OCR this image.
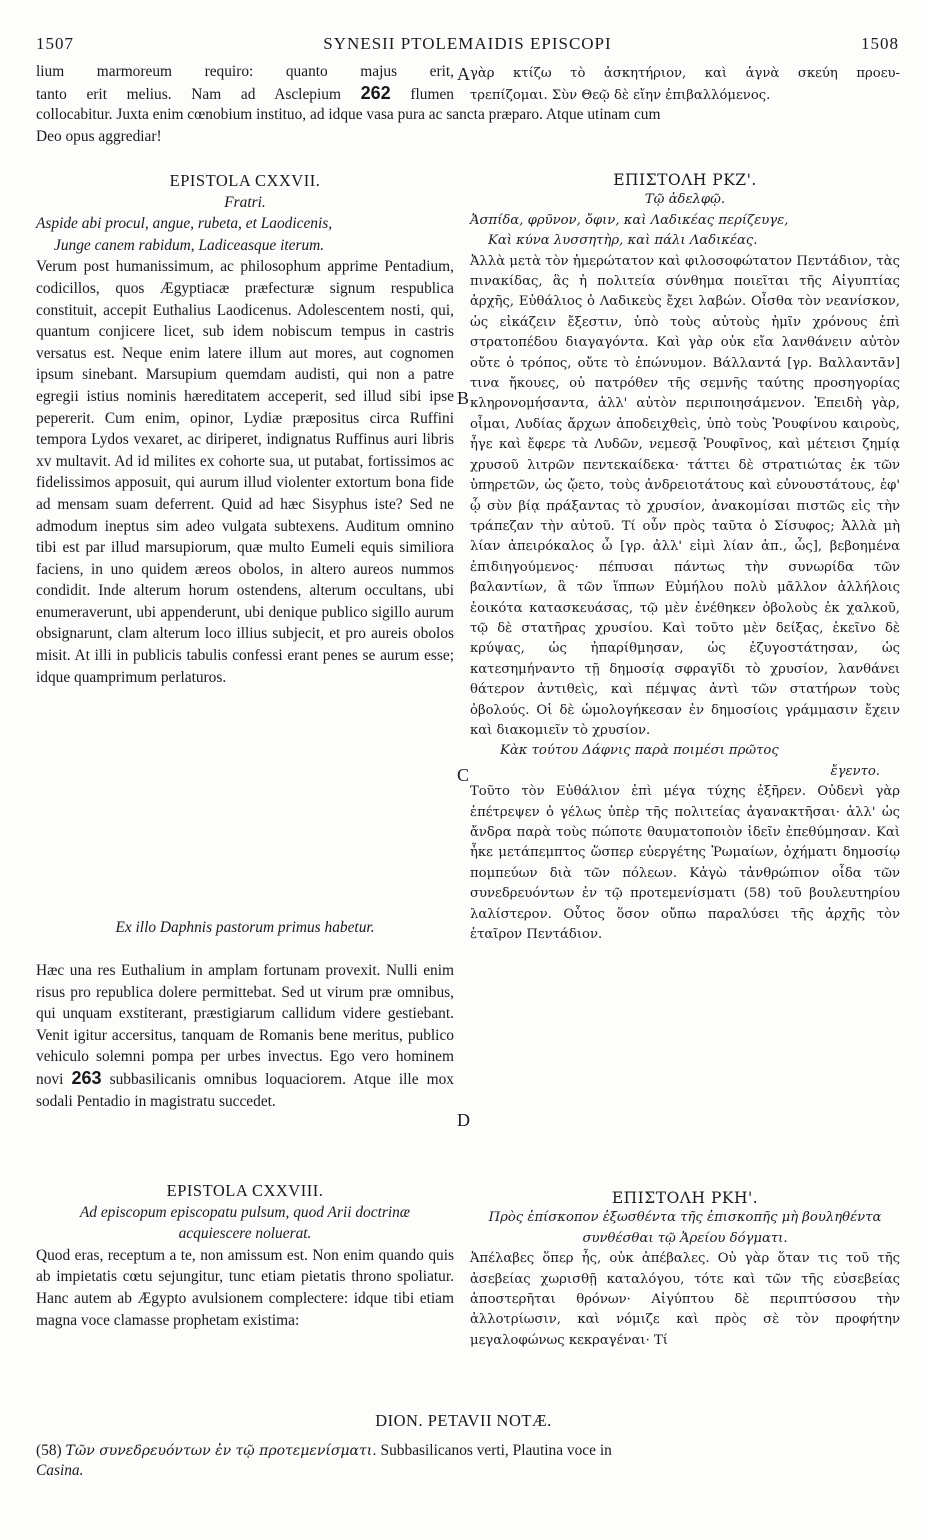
1507	SYNESII PTOLEMAIDIS EPISCOPI	1508

lium marmoreum requiro: quanto majus erit,

tanto erit melius. Nam ad Asclepium 262 flumen

A γὰρ κτίζω τὸ ἀσκητήριον, καὶ ἁγνὰ σκεύη προευ-

τρεπίζομαι. Σὺν Θεῷ δὲ εἴην ἐπιβαλλόμενος.

collocabitur. Juxta enim cœnobium instituo, ad idque vasa pura ac sancta præparo. Atque utinam cum
Deo opus aggrediar!

EPISTOLA CXXVII.

Fratri.

Aspide abi procul, angue, rubeta, et Laodicenis,

Junge canem rabidum, Ladiceasque iterum.

Verum post humanissimum, ac philosophum apprime Pentadium, codicillos, quos Ægyptiacæ præfecturæ signum respublica constituit, accepit Euthalius Laodicenus. Adolescentem nosti, qui, quantum conjicere licet, sub idem nobiscum tempus in castris versatus est. Neque enim latere illum aut mores, aut cognomen ipsum sinebant. Marsupium quemdam audisti, qui non a patre egregii istius nominis hæreditatem acceperit, sed illud sibi ipse pepererit. Cum enim, opinor, Lydiæ præpositus circa Ruffini tempora Lydos vexaret, ac diriperet, indignatus Ruffinus auri libris xv multavit. Ad id milites ex cohorte sua, ut putabat, fortissimos ac fidelissimos apposuit, qui aurum illud violenter extortum bona fide ad mensam suam deferrent. Quid ad hæc Sisyphus iste? Sed ne admodum ineptus sim adeo vulgata subtexens. Auditum omnino tibi est par illud marsupiorum, quæ multo Eumeli equis similiora faciens, in uno quidem æreos obolos, in altero aureos nummos condidit. Inde alterum horum ostendens, alterum occultans, ubi enumeraverunt, ubi appenderunt, ubi denique publico sigillo aurum obsignarunt, clam alterum loco illius subjecit, et pro aureis obolos misit. At illi in publicis tabulis confessi erant penes se aurum esse; idque quamprimum perlaturos.

Ex illo Daphnis pastorum primus habetur.

Hæc una res Euthalium in amplam fortunam provexit. Nulli enim risus pro republica dolere permittebat. Sed ut virum præ omnibus, qui unquam exstiterant, præstigiarum callidum videre gestiebant. Venit igitur accersitus, tanquam de Romanis bene meritus, publico vehiculo solemni pompa per urbes invectus. Ego vero hominem novi 263 subbasilicanis omnibus loquaciorem. Atque ille mox sodali Pentadio in magistratu succedet.

EPISTOLA CXXVIII.

Ad episcopum episcopatu pulsum, quod Arii doctrinæ acquiescere noluerat.

Quod eras, receptum a te, non amissum est. Non enim quando quis ab impietatis cœtu sejungitur, tunc etiam pietatis throno spoliatur. Hanc autem ab Ægypto avulsionem complectere: idque tibi etiam magna voce clamasse prophetam existima:

B
C
D

ΕΠΙΣΤΟΛΗ ΡΚΖ'.

Τῷ ἀδελφῷ.

Ἀσπίδα, φρῦνον, ὄφιν, καὶ Λαδικέας περίζευγε,

Καὶ κύνα λυσσητὴρ, καὶ πάλι Λαδικέας.

Ἀλλὰ μετὰ τὸν ἡμερώτατον καὶ φιλοσοφώτατον Πεντάδιον, τὰς πινακίδας, ἃς ἡ πολιτεία σύνθημα ποιεῖται τῆς Αἰγυπτίας ἀρχῆς, Εὐθάλιος ὁ Λαδικεὺς ἔχει λαβών. Οἶσθα τὸν νεανίσκον, ὡς εἰκάζειν ἔξεστιν, ὑπὸ τοὺς αὐτοὺς ἡμῖν χρόνους ἐπὶ στρατοπέδου διαγαγόντα. Καὶ γὰρ οὐκ εἴα λανθάνειν αὐτὸν οὔτε ὁ τρόπος, οὔτε τὸ ἐπώνυμον. Βάλλαντά [γρ. Βαλλαντᾶν] τινα ἤκουες, οὐ πατρόθεν τῆς σεμνῆς ταύτης προσηγορίας κληρονομήσαντα, ἀλλ' αὐτὸν περιποιησάμενον. Ἐπειδὴ γὰρ, οἶμαι, Λυδίας ἄρχων ἀποδειχθεὶς, ὑπὸ τοὺς Ῥουφίνου καιροὺς, ἦγε καὶ ἔφερε τὰ Λυδῶν, νεμεσᾷ Ῥουφῖνος, καὶ μέτεισι ζημίᾳ χρυσοῦ λιτρῶν πεντεκαίδεκα· τάττει δὲ στρατιώτας ἐκ τῶν ὑπηρετῶν, ὡς ᾤετο, τοὺς ἀνδρειοτάτους καὶ εὐνουστάτους, ἐφ' ᾧ σὺν βίᾳ πράξαντας τὸ χρυσίον, ἀνακομίσαι πιστῶς εἰς τὴν τράπεζαν τὴν αὐτοῦ. Τί οὖν πρὸς ταῦτα ὁ Σίσυφος; Ἀλλὰ μὴ λίαν ἀπειρόκαλος ὦ [γρ. ἀλλ' εἰμὶ λίαν ἀπ., ὦς], βεβοημένα ἐπιδιηγούμενος· πέπυσαι πάντως τὴν συνωρίδα τῶν βαλαντίων, ἃ τῶν ἵππων Εὐμήλου πολὺ μᾶλλον ἀλλήλοις ἐοικότα κατασκευάσας, τῷ μὲν ἐνέθηκεν ὀβολοὺς ἐκ χαλκοῦ, τῷ δὲ στατῆρας χρυσίου. Καὶ τοῦτο μὲν δείξας, ἐκεῖνο δὲ κρύψας, ὡς ἠπαρίθμησαν, ὡς ἐζυγοστάτησαν, ὡς κατεσημήναντο τῇ δημοσίᾳ σφραγῖδι τὸ χρυσίον, λανθάνει θάτερον ἀντιθεὶς, καὶ πέμψας ἀντὶ τῶν στατήρων τοὺς ὀβολούς. Οἱ δὲ ὡμολογήκεσαν ἐν δημοσίοις γράμμασιν ἔχειν καὶ διακομιεῖν τὸ χρυσίον.

Κὰκ τούτου Δάφνις παρὰ ποιμέσι πρῶτος

ἔγεντο.

Τοῦτο τὸν Εὐθάλιον ἐπὶ μέγα τύχης ἐξῆρεν. Οὐδενὶ γὰρ ἐπέτρεψεν ὁ γέλως ὑπὲρ τῆς πολιτείας ἀγανακτῆσαι· ἀλλ' ὡς ἄνδρα παρὰ τοὺς πώποτε θαυματοποιὸν ἰδεῖν ἐπεθύμησαν. Καὶ ἧκε μετάπεμπτος ὥσπερ εὐεργέτης Ῥωμαίων, ὀχήματι δημοσίῳ πομπεύων διὰ τῶν πόλεων. Κἀγὼ τἀνθρώπιον οἶδα τῶν συνεδρευόντων ἐν τῷ προτεμενίσματι (58) τοῦ βουλευτηρίου λαλίστερον. Οὗτος ὅσον οὔπω παραλύσει τῆς ἀρχῆς τὸν ἑταῖρον Πεντάδιον.

ΕΠΙΣΤΟΛΗ ΡΚΗ'.

Πρὸς ἐπίσκοπον ἐξωσθέντα τῆς ἐπισκοπῆς μὴ βουληθέντα συνθέσθαι τῷ Ἀρείου δόγματι.

Ἀπέλαβες ὅπερ ἦς, οὐκ ἀπέβαλες. Οὐ γὰρ ὅταν τις τοῦ τῆς ἀσεβείας χωρισθῇ καταλόγου, τότε καὶ τῶν τῆς εὐσεβείας ἀποστερῆται θρόνων· Αἰγύπτου δὲ περιπτύσσου τὴν ἀλλοτρίωσιν, καὶ νόμιζε καὶ πρὸς σὲ τὸν προφήτην μεγαλοφώνως κεκραγέναι· Τί

DION. PETAVII NOTÆ.
(58) Τῶν συνεδρευόντων ἐν τῷ προτεμενίσματι. Subbasilicanos verti, Plautina voce in
Casina.
